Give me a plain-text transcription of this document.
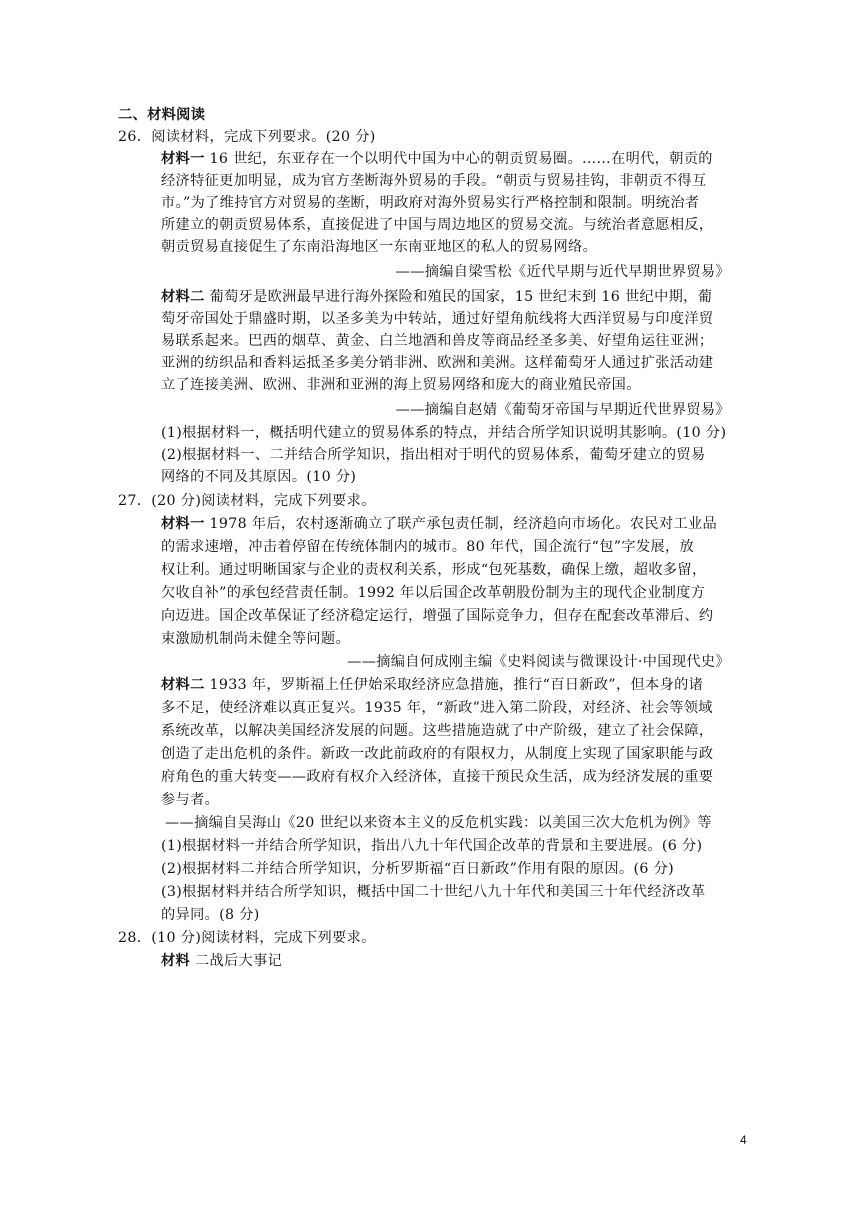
二、材料阅读
26．阅读材料，完成下列要求。(20 分)
材料一 16 世纪，东亚存在一个以明代中国为中心的朝贡贸易圈。……在明代，朝贡的
经济特征更加明显，成为官方垄断海外贸易的手段。“朝贡与贸易挂钩，非朝贡不得互
市。”为了维持官方对贸易的垄断，明政府对海外贸易实行严格控制和限制。明统治者
所建立的朝贡贸易体系，直接促进了中国与周边地区的贸易交流。与统治者意愿相反，
朝贡贸易直接促生了东南沿海地区一东南亚地区的私人的贸易网络。
——摘编自梁雪松《近代早期与近代早期世界贸易》
材料二 葡萄牙是欧洲最早进行海外探险和殖民的国家，15 世纪末到 16 世纪中期，葡
萄牙帝国处于鼎盛时期，以圣多美为中转站，通过好望角航线将大西洋贸易与印度洋贸
易联系起来。巴西的烟草、黄金、白兰地酒和兽皮等商品经圣多美、好望角运往亚洲；
亚洲的纺织品和香料运抵圣多美分销非洲、欧洲和美洲。这样葡萄牙人通过扩张活动建
立了连接美洲、欧洲、非洲和亚洲的海上贸易网络和庞大的商业殖民帝国。
——摘编自赵婧《葡萄牙帝国与早期近代世界贸易》
(1)根据材料一，概括明代建立的贸易体系的特点，并结合所学知识说明其影响。(10 分)
(2)根据材料一、二并结合所学知识，指出相对于明代的贸易体系，葡萄牙建立的贸易
网络的不同及其原因。(10 分)
27．(20 分)阅读材料，完成下列要求。
材料一 1978 年后，农村逐渐确立了联产承包责任制，经济趋向市场化。农民对工业品
的需求速增，冲击着停留在传统体制内的城市。80 年代，国企流行“包”字发展，放
权让利。通过明晰国家与企业的责权利关系，形成“包死基数，确保上缴，超收多留，
欠收自补”的承包经营责任制。1992 年以后国企改革朝股份制为主的现代企业制度方
向迈进。国企改革保证了经济稳定运行，增强了国际竞争力，但存在配套改革滞后、约
束激励机制尚未健全等问题。
——摘编自何成刚主编《史料阅读与微课设计·中国现代史》
材料二 1933 年，罗斯福上任伊始采取经济应急措施，推行“百日新政”，但本身的诸
多不足，使经济难以真正复兴。1935 年，“新政”进入第二阶段，对经济、社会等领域
系统改革，以解决美国经济发展的问题。这些措施造就了中产阶级，建立了社会保障，
创造了走出危机的条件。新政一改此前政府的有限权力，从制度上实现了国家职能与政
府角色的重大转变——政府有权介入经济体，直接干预民众生活，成为经济发展的重要
参与者。
——摘编自吴海山《20 世纪以来资本主义的反危机实践：以美国三次大危机为例》等
(1)根据材料一并结合所学知识，指出八九十年代国企改革的背景和主要进展。(6 分)
(2)根据材料二并结合所学知识，分析罗斯福“百日新政”作用有限的原因。(6 分)
(3)根据材料并结合所学知识，概括中国二十世纪八九十年代和美国三十年代经济改革
的异同。(8 分)
28．(10 分)阅读材料，完成下列要求。
材料 二战后大事记
4
